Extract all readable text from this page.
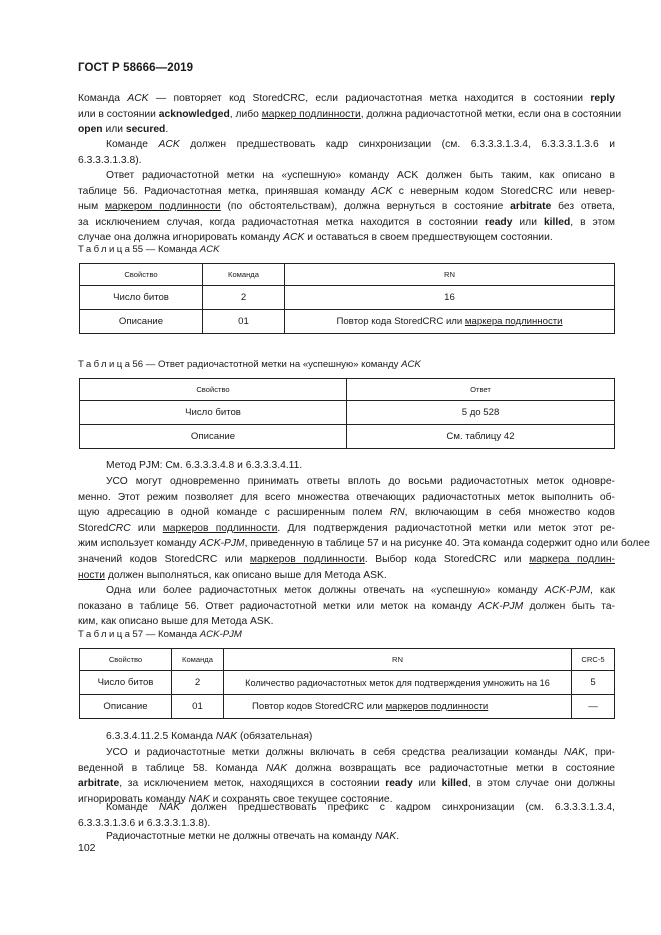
ГОСТ Р 58666—2019

Команда ACK — повторяет код StoredCRC, если радиочастотная метка находится в состоянии reply
или в состоянии acknowledged, либо маркер подлинности, должна радиочастотной метки, если она в состоянии
open или secured.

Команде ACK должен предшествовать кадр синхронизации (см. 6.3.3.3.1.3.4, 6.3.3.3.1.3.6 и
6.3.3.3.1.3.8).

Ответ радиочастотной метки на «успешную» команду ACK должен быть таким, как описано в
таблице 56. Радиочастотная метка, принявшая команду ACK с неверным кодом StoredCRC или невер-
ным маркером подлинности (по обстоятельствам), должна вернуться в состояние arbitrate без ответа,
за исключением случая, когда радиочастотная метка находится в состоянии ready или killed, в этом
случае она должна игнорировать команду ACK и оставаться в своем предшествующем состоянии.

Таблица55 — Команда ACK
Свойство	Команда	RN
Число битов	2	16
Описание	01	Повтор кода StoredCRC или маркера подлинности
Таблица56 — Ответ радиочастотной метки на «успешную» команду ACK
Свойство	Ответ
Число битов	5 до 528
Описание	См. таблицу 42

Метод PJM: См. 6.3.3.3.4.8 и 6.3.3.3.4.11.

УСО могут одновременно принимать ответы вплоть до восьми радиочастотных меток одновре-
менно. Этот режим позволяет для всего множества отвечающих радиочастотных меток выполнить об-
щую адресацию в одной команде с расширенным полем RN, включающим в себя множество кодов
StoredCRC или маркеров подлинности. Для подтверждения радиочастотной метки или меток этот ре-
жим использует команду ACK-PJM, приведенную в таблице 57 и на рисунке 40. Эта команда содержит одно или более
значений кодов StoredCRC или маркеров подлинности. Выбор кода StoredCRC или маркера подлин-
ности должен выполняться, как описано выше для Метода ASK.

Одна или более радиочастотных меток должны отвечать на «успешную» команду ACK-PJM, как
показано в таблице 56. Ответ радиочастотной метки или меток на команду ACK-PJM должен быть та-
ким, как описано выше для Метода ASK.

Таблица57 — Команда ACK-PJM
Свойство	Команда	RN	CRC-5
Число битов	2	Количество радиочастотных меток для подтверждения умножить на 16	5
Описание	01	Повтор кодов StoredCRC или маркеров подлинности	—

6.3.3.4.11.2.5 Команда NAK (обязательная)

УСО и радиочастотные метки должны включать в себя средства реализации команды NAK, при-
веденной в таблице 58. Команда NAK должна возвращать все радиочастотные метки в состояние
arbitrate, за исключением меток, находящихся в состоянии ready или killed, в этом случае они должны
игнорировать команду NAK и сохранять свое текущее состояние.

Команде NAK должен предшествовать префикс с кадром синхронизации (см. 6.3.3.3.1.3.4,
6.3.3.3.1.3.6 и 6.3.3.3.1.3.8).

Радиочастотные метки не должны отвечать на команду NAK.

102
